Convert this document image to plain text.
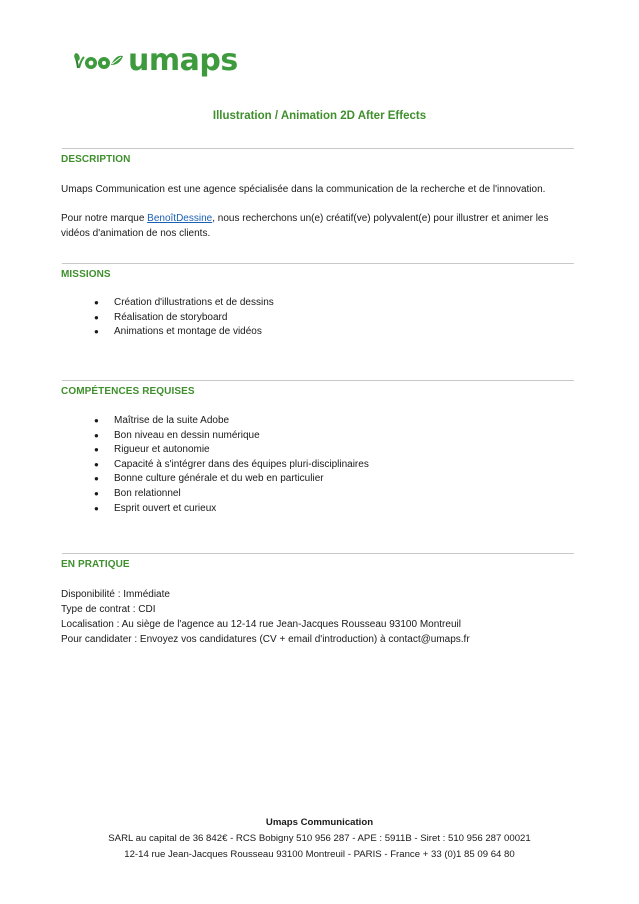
umaps
Illustration / Animation 2D After Effects
DESCRIPTION
Umaps Communication est une agence spécialisée dans la communication de la recherche et de l'innovation.
Pour notre marque BenoîtDessine, nous recherchons un(e) créatif(ve) polyvalent(e) pour illustrer et animer les vidéos d'animation de nos clients.
MISSIONS
● Création d'illustrations et de dessins
● Réalisation de storyboard
● Animations et montage de vidéos
COMPÉTENCES REQUISES
● Maîtrise de la suite Adobe
● Bon niveau en dessin numérique
● Rigueur et autonomie
● Capacité à s'intégrer dans des équipes pluri-disciplinaires
● Bonne culture générale et du web en particulier
● Bon relationnel
● Esprit ouvert et curieux
EN PRATIQUE
Disponibilité : Immédiate
Type de contrat : CDI
Localisation : Au siège de l'agence au 12-14 rue Jean-Jacques Rousseau 93100 Montreuil
Pour candidater : Envoyez vos candidatures (CV + email d'introduction) à contact@umaps.fr
Umaps Communication
SARL au capital de 36 842€ - RCS Bobigny 510 956 287 - APE : 5911B - Siret : 510 956 287 00021
12-14 rue Jean-Jacques Rousseau 93100 Montreuil - PARIS - France + 33 (0)1 85 09 64 80
